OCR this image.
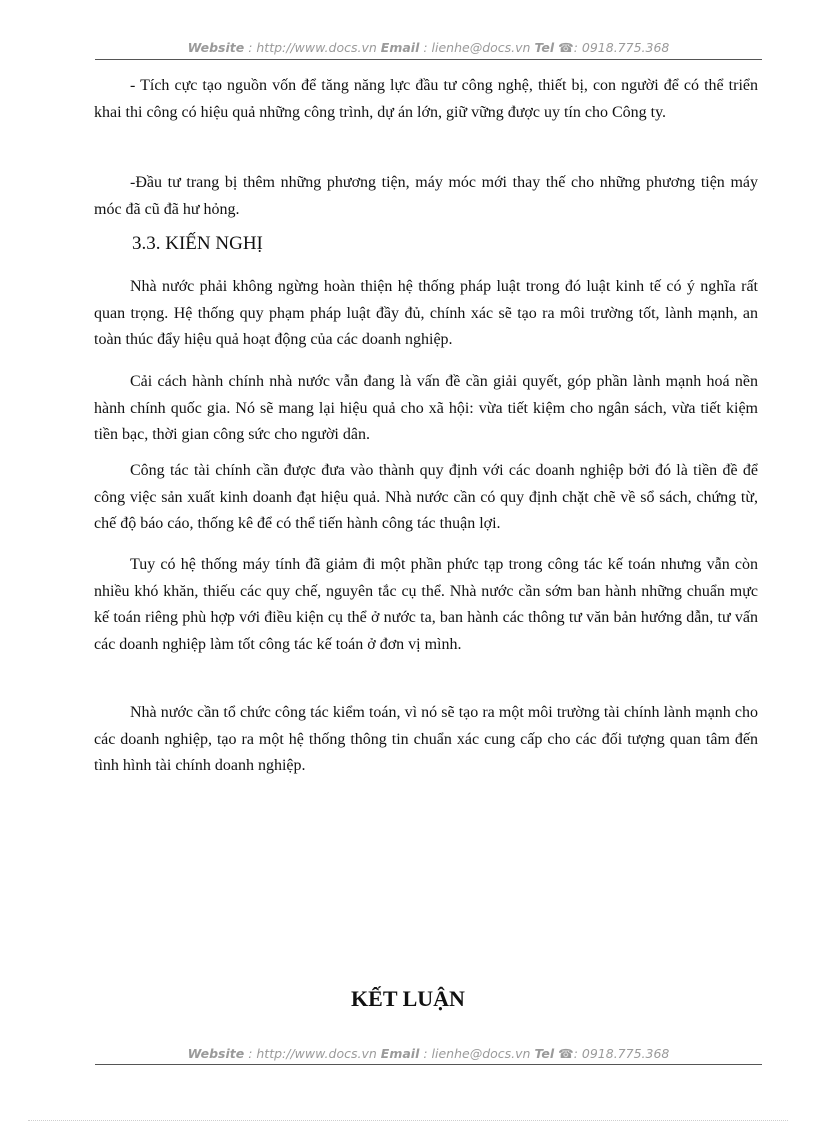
Website : http://www.docs.vn Email : lienhe@docs.vn Tel ☎: 0918.775.368

- Tích cực tạo nguồn vốn để tăng năng lực đầu tư công nghệ, thiết bị, con người để có thể triển khai thi công có hiệu quả những công trình, dự án lớn, giữ vững được uy tín cho Công ty.

-Đầu tư trang bị thêm những phương tiện, máy móc mới thay thế cho những phương tiện máy móc đã cũ đã hư hỏng.

3.3. KIẾN NGHỊ

Nhà nước phải không ngừng hoàn thiện hệ thống pháp luật trong đó luật kinh tế có ý nghĩa rất quan trọng. Hệ thống quy phạm pháp luật đầy đủ, chính xác sẽ tạo ra môi trường tốt, lành mạnh, an toàn thúc đẩy hiệu quả hoạt động của các doanh nghiệp.

Cải cách hành chính nhà nước vẫn đang là vấn đề cần giải quyết, góp phần lành mạnh hoá nền hành chính quốc gia. Nó sẽ mang lại hiệu quả cho xã hội: vừa tiết kiệm cho ngân sách, vừa tiết kiệm tiền bạc, thời gian công sức cho người dân.

Công tác tài chính cần được đưa vào thành quy định với các doanh nghiệp bởi đó là tiền đề để công việc sản xuất kinh doanh đạt hiệu quả. Nhà nước cần có quy định chặt chẽ về sổ sách, chứng từ, chế độ báo cáo, thống kê để có thể tiến hành công tác thuận lợi.

Tuy có hệ thống máy tính đã giảm đi một phần phức tạp trong công tác kế toán nhưng vẫn còn nhiều khó khăn, thiếu các quy chế, nguyên tắc cụ thể. Nhà nước cần sớm ban hành những chuẩn mực kế toán riêng phù hợp với điều kiện cụ thể ở nước ta, ban hành các thông tư văn bản hướng dẫn, tư vấn các doanh nghiệp làm tốt công tác kế toán ở đơn vị mình.

Nhà nước cần tổ chức công tác kiểm toán, vì nó sẽ tạo ra một môi trường tài chính lành mạnh cho các doanh nghiệp, tạo ra một hệ thống thông tin chuẩn xác cung cấp cho các đối tượng quan tâm đến tình hình tài chính doanh nghiệp.

KẾT LUẬN
Website : http://www.docs.vn Email : lienhe@docs.vn Tel ☎: 0918.775.368
